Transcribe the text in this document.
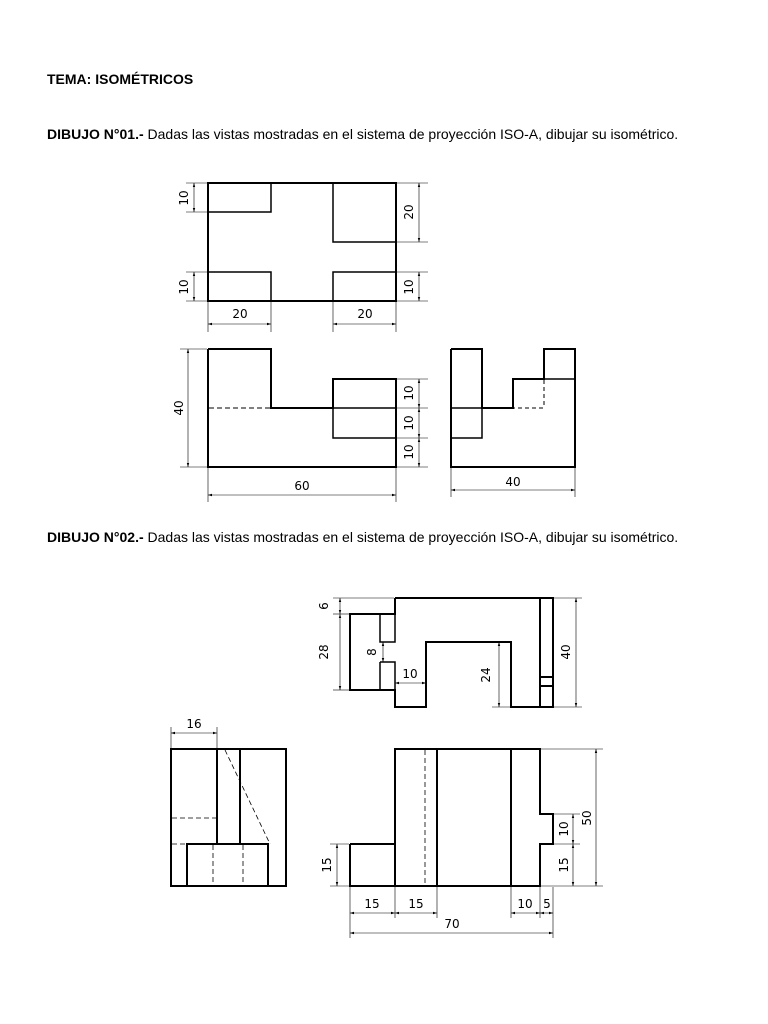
TEMA: ISOMÉTRICOS

DIBUJO N°01.- Dadas las vistas mostradas en el sistema de proyección ISO-A, dibujar su isométrico.

DIBUJO N°02.- Dadas las vistas mostradas en el sistema de proyección ISO-A, dibujar su isométrico.

10
20
10	10
20	20
40
10
10
10
60	40
6
28	8
10	24
40
16
50
10
15
15
15 15	10 5
70
